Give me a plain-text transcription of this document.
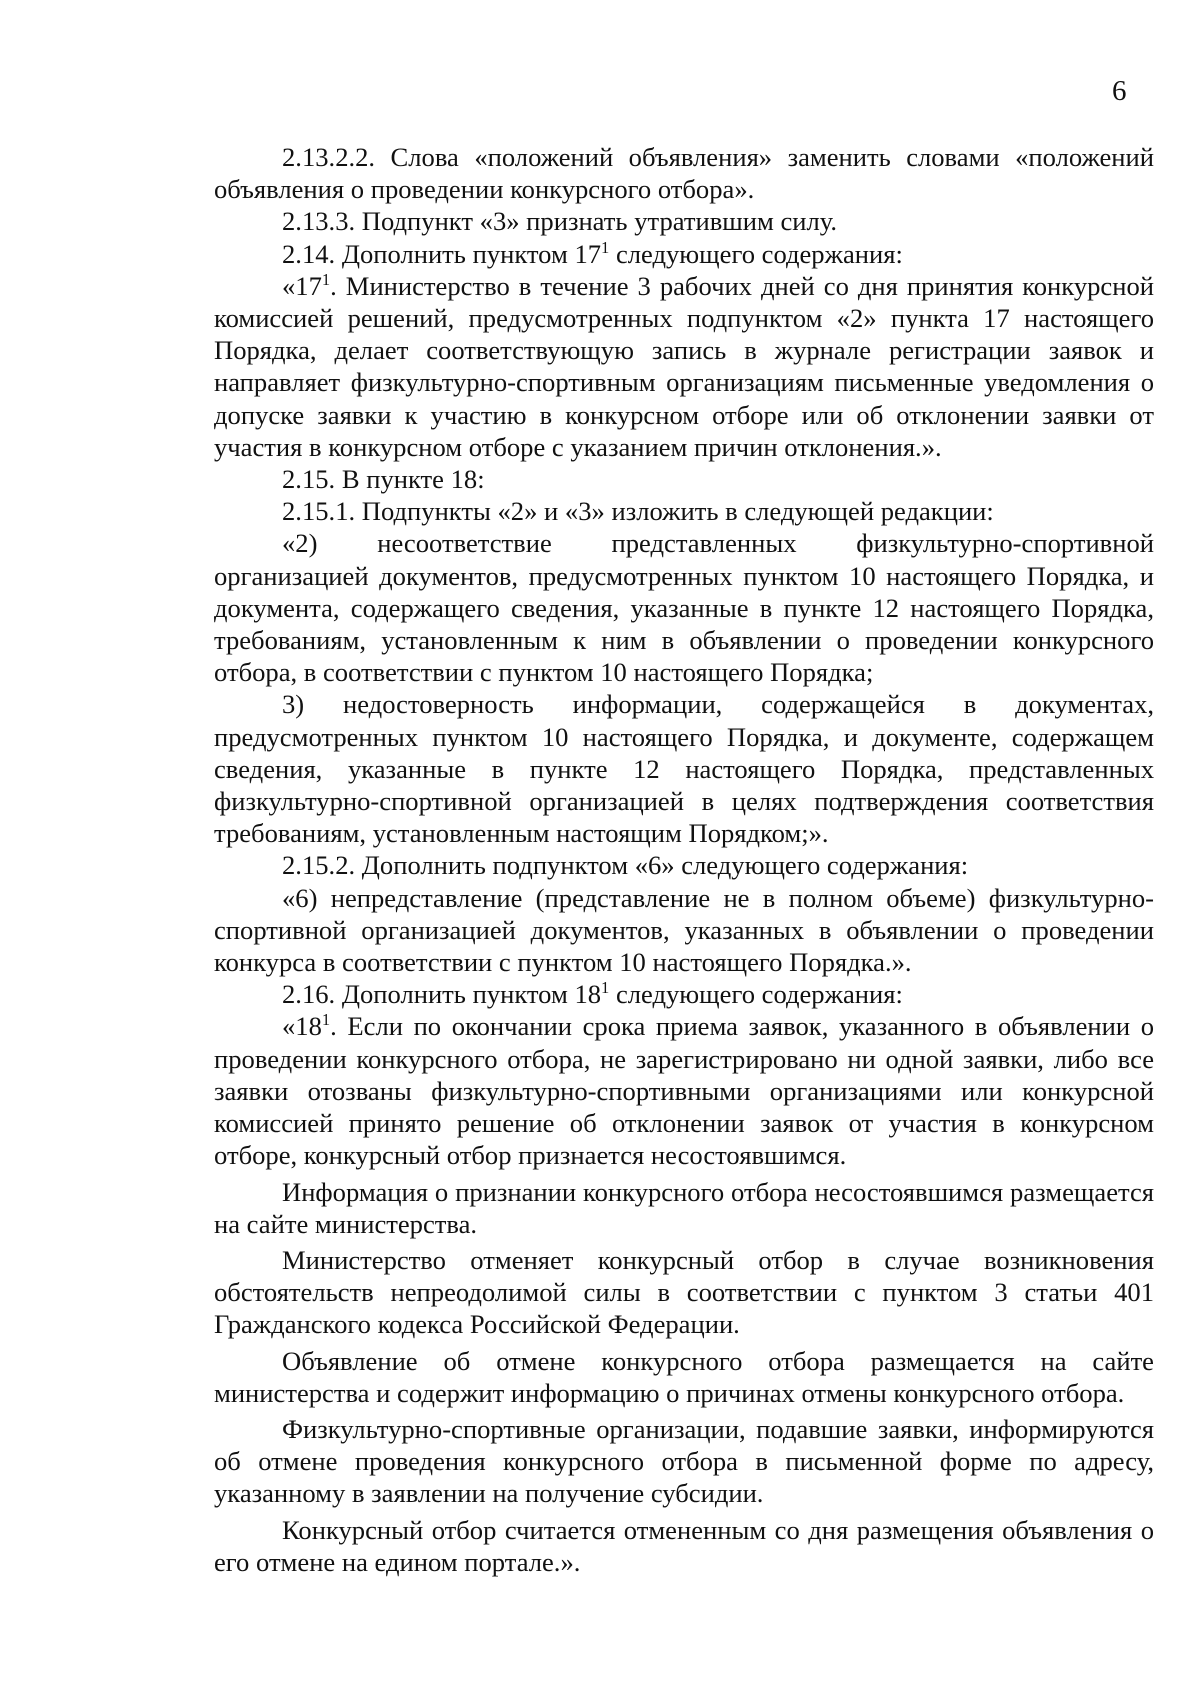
6

2.13.2.2. Слова «положений объявления» заменить словами «положений объявления о проведении конкурсного отбора».

2.13.3. Подпункт «3» признать утратившим силу.

2.14. Дополнить пунктом $17^1$ следующего содержания:

«$17^1$. Министерство в течение 3 рабочих дней со дня принятия конкурсной комиссией решений, предусмотренных подпунктом «2» пункта 17 настоящего Порядка, делает соответствующую запись в журнале регистрации заявок и направляет физкультурно-спортивным организациям письменные уведомления о допуске заявки к участию в конкурсном отборе или об отклонении заявки от участия в конкурсном отборе с указанием причин отклонения.».

2.15. В пункте 18:

2.15.1. Подпункты «2» и «3» изложить в следующей редакции:

«2) несоответствие представленных физкультурно-спортивной организацией документов, предусмотренных пунктом 10 настоящего Порядка, и документа, содержащего сведения, указанные в пункте 12 настоящего Порядка, требованиям, установленным к ним в объявлении о проведении конкурсного отбора, в соответствии с пунктом 10 настоящего Порядка;

3) недостоверность информации, содержащейся в документах, предусмотренных пунктом 10 настоящего Порядка, и документе, содержащем сведения, указанные в пункте 12 настоящего Порядка, представленных физкультурно-спортивной организацией в целях подтверждения соответствия требованиям, установленным настоящим Порядком;».

2.15.2. Дополнить подпунктом «6» следующего содержания:

«6) непредставление (представление не в полном объеме) физкультурно-спортивной организацией документов, указанных в объявлении о проведении конкурса в соответствии с пунктом 10 настоящего Порядка.».

2.16. Дополнить пунктом $18^1$ следующего содержания:

«$18^1$. Если по окончании срока приема заявок, указанного в объявлении о проведении конкурсного отбора, не зарегистрировано ни одной заявки, либо все заявки отозваны физкультурно-спортивными организациями или конкурсной комиссией принято решение об отклонении заявок от участия в конкурсном отборе, конкурсный отбор признается несостоявшимся.

Информация о признании конкурсного отбора несостоявшимся размещается на сайте министерства.

Министерство отменяет конкурсный отбор в случае возникновения обстоятельств непреодолимой силы в соответствии с пунктом 3 статьи 401 Гражданского кодекса Российской Федерации.

Объявление об отмене конкурсного отбора размещается на сайте министерства и содержит информацию о причинах отмены конкурсного отбора.

Физкультурно-спортивные организации, подавшие заявки, информируются об отмене проведения конкурсного отбора в письменной форме по адресу, указанному в заявлении на получение субсидии.

Конкурсный отбор считается отмененным со дня размещения объявления о его отмене на едином портале.».
